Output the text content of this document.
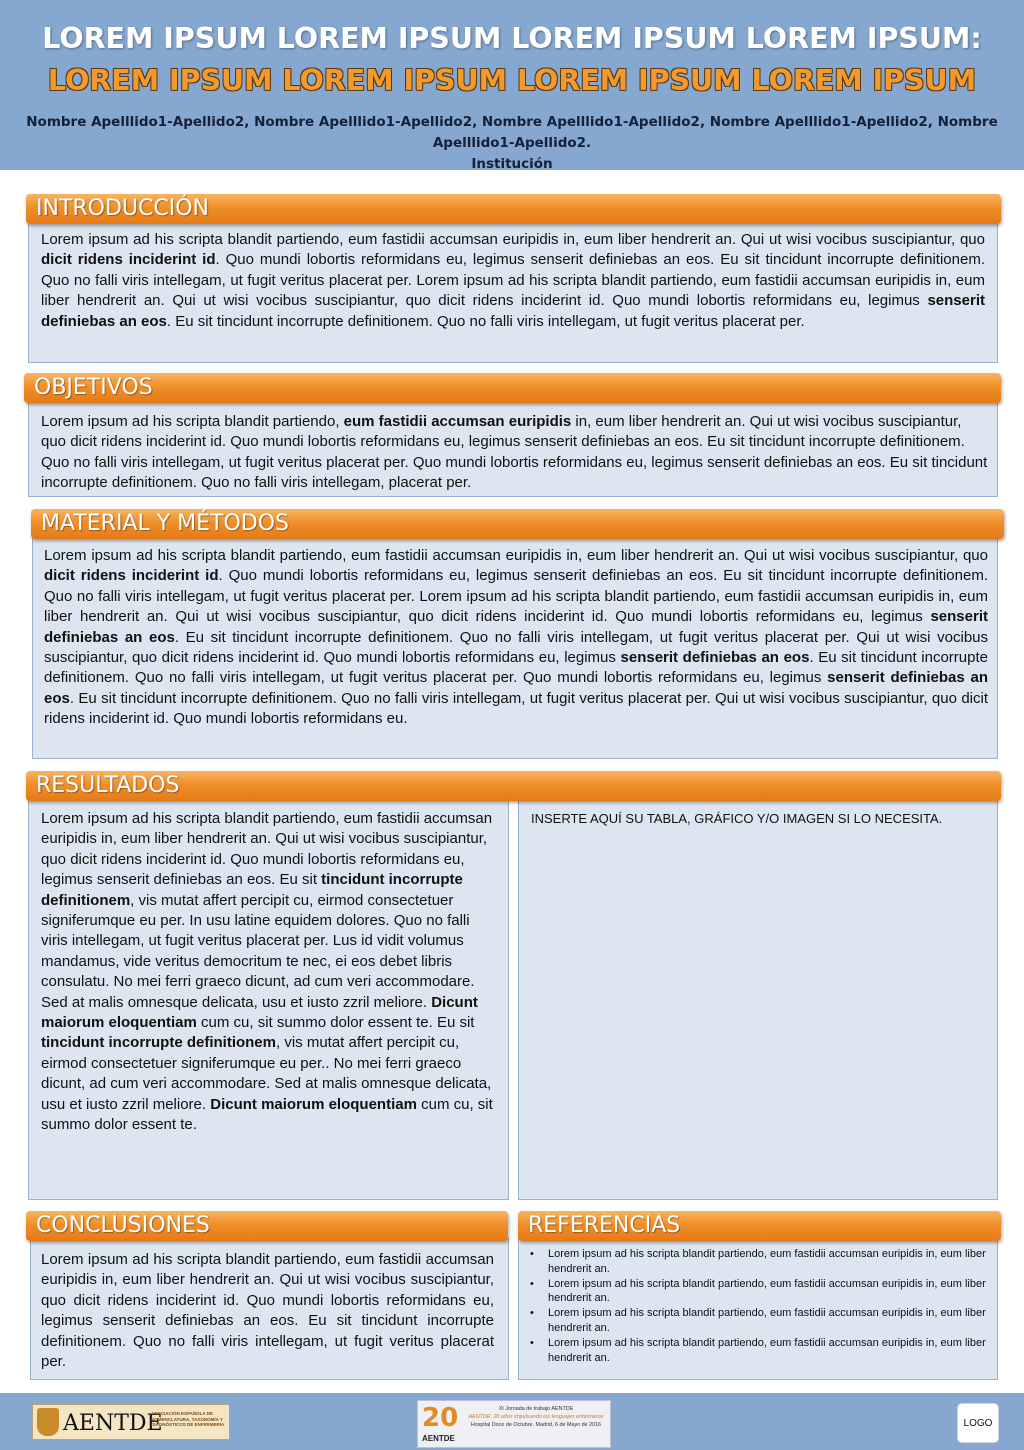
LOREM IPSUM LOREM IPSUM LOREM IPSUM LOREM IPSUM:
LOREM IPSUM LOREM IPSUM LOREM IPSUM LOREM IPSUM
Nombre Apelllido1-Apellido2, Nombre Apelllido1-Apellido2, Nombre Apelllido1-Apellido2, Nombre Apelllido1-Apellido2, Nombre Apelllido1-Apellido2.
Institución
INTRODUCCIÓN
Lorem ipsum ad his scripta blandit partiendo, eum fastidii accumsan euripidis in, eum liber hendrerit an. Qui ut wisi vocibus suscipiantur, quo dicit ridens inciderint id. Quo mundi lobortis reformidans eu, legimus senserit definiebas an eos. Eu sit tincidunt incorrupte definitionem. Quo no falli viris intellegam, ut fugit veritus placerat per. Lorem ipsum ad his scripta blandit partiendo, eum fastidii accumsan euripidis in, eum liber hendrerit an. Qui ut wisi vocibus suscipiantur, quo dicit ridens inciderint id. Quo mundi lobortis reformidans eu, legimus senserit definiebas an eos. Eu sit tincidunt incorrupte definitionem. Quo no falli viris intellegam, ut fugit veritus placerat per.
OBJETIVOS
Lorem ipsum ad his scripta blandit partiendo, eum fastidii accumsan euripidis in, eum liber hendrerit an. Qui ut wisi vocibus suscipiantur, quo dicit ridens inciderint id. Quo mundi lobortis reformidans eu, legimus senserit definiebas an eos. Eu sit tincidunt incorrupte definitionem. Quo no falli viris intellegam, ut fugit veritus placerat per. Quo mundi lobortis reformidans eu, legimus senserit definiebas an eos. Eu sit tincidunt incorrupte definitionem. Quo no falli viris intellegam, placerat per.
MATERIAL Y MÉTODOS
Lorem ipsum ad his scripta blandit partiendo, eum fastidii accumsan euripidis in, eum liber hendrerit an. Qui ut wisi vocibus suscipiantur, quo dicit ridens inciderint id. Quo mundi lobortis reformidans eu, legimus senserit definiebas an eos. Eu sit tincidunt incorrupte definitionem. Quo no falli viris intellegam, ut fugit veritus placerat per. Lorem ipsum ad his scripta blandit partiendo, eum fastidii accumsan euripidis in, eum liber hendrerit an. Qui ut wisi vocibus suscipiantur, quo dicit ridens inciderint id. Quo mundi lobortis reformidans eu, legimus senserit definiebas an eos. Eu sit tincidunt incorrupte definitionem. Quo no falli viris intellegam, ut fugit veritus placerat per. Qui ut wisi vocibus suscipiantur, quo dicit ridens inciderint id. Quo mundi lobortis reformidans eu, legimus senserit definiebas an eos. Eu sit tincidunt incorrupte definitionem. Quo no falli viris intellegam, ut fugit veritus placerat per. Quo mundi lobortis reformidans eu, legimus senserit definiebas an eos. Eu sit tincidunt incorrupte definitionem. Quo no falli viris intellegam, ut fugit veritus placerat per. Qui ut wisi vocibus suscipiantur, quo dicit ridens inciderint id. Quo mundi lobortis reformidans eu.
RESULTADOS
Lorem ipsum ad his scripta blandit partiendo, eum fastidii accumsan euripidis in, eum liber hendrerit an. Qui ut wisi vocibus suscipiantur, quo dicit ridens inciderint id. Quo mundi lobortis reformidans eu, legimus senserit definiebas an eos. Eu sit tincidunt incorrupte definitionem, vis mutat affert percipit cu, eirmod consectetuer signiferumque eu per. In usu latine equidem dolores. Quo no falli viris intellegam, ut fugit veritus placerat per. Lus id vidit volumus mandamus, vide veritus democritum te nec, ei eos debet libris consulatu. No mei ferri graeco dicunt, ad cum veri accommodare. Sed at malis omnesque delicata, usu et iusto zzril meliore. Dicunt maiorum eloquentiam cum cu, sit summo dolor essent te. Eu sit tincidunt incorrupte definitionem, vis mutat affert percipit cu, eirmod consectetuer signiferumque eu per.. No mei ferri graeco dicunt, ad cum veri accommodare. Sed at malis omnesque delicata, usu et iusto zzril meliore. Dicunt maiorum eloquentiam cum cu, sit summo dolor essent te.
INSERTE AQUÍ SU TABLA, GRÁFICO Y/O IMAGEN SI LO NECESITA.
CONCLUSIONES
Lorem ipsum ad his scripta blandit partiendo, eum fastidii accumsan euripidis in, eum liber hendrerit an. Qui ut wisi vocibus suscipiantur, quo dicit ridens inciderint id. Quo mundi lobortis reformidans eu, legimus senserit definiebas an eos. Eu sit tincidunt incorrupte definitionem. Quo no falli viris intellegam, ut fugit veritus placerat per.
REFERENCIAS
• Lorem ipsum ad his scripta blandit partiendo, eum fastidii accumsan euripidis in, eum liber hendrerit an.
• Lorem ipsum ad his scripta blandit partiendo, eum fastidii accumsan euripidis in, eum liber hendrerit an.
• Lorem ipsum ad his scripta blandit partiendo, eum fastidii accumsan euripidis in, eum liber hendrerit an.
• Lorem ipsum ad his scripta blandit partiendo, eum fastidii accumsan euripidis in, eum liber hendrerit an.
AENTDE
ASOCIACIÓN ESPAÑOLA DE NOMENCLATURA, TAXONOMÍA Y DIAGNÓSTICOS DE ENFERMERÍA	20
AENTDE
XI Jornada de trabajo AENTDE
AENTDE: 20 años impulsando los lenguajes enfermeros
Hospital Doce de Octubre. Madrid, 6 de Mayo de 2016	LOGO
